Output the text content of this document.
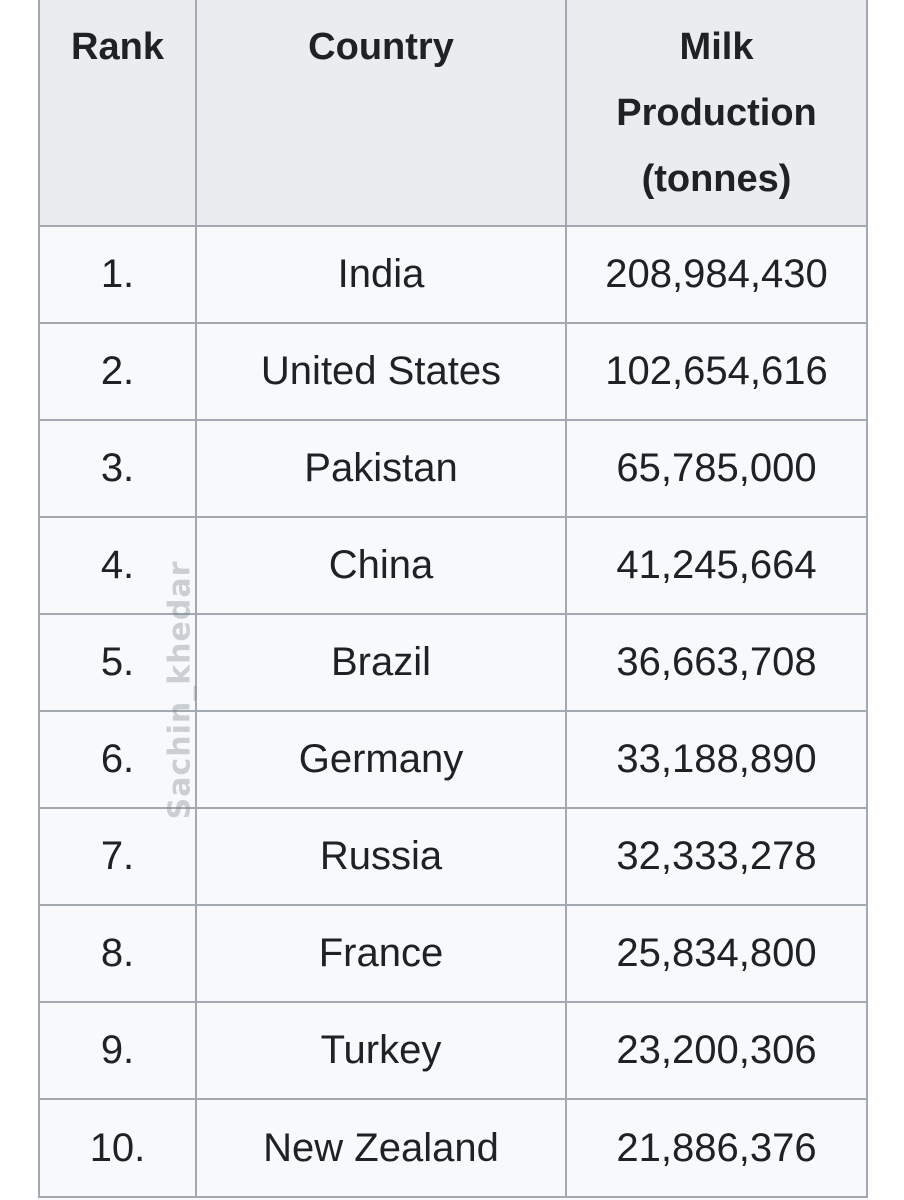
Rank	Country	Milk
Production
(tonnes)

1.	India	208,984,430
2.	United States	102,654,616
3.	Pakistan	65,785,000
4.	China	41,245,664
5.	Brazil	36,663,708
6.	Germany	33,188,890
7.	Russia	32,333,278
8.	France	25,834,800
9.	Turkey	23,200,306
10.	New Zealand	21,886,376
Sachin_khedar
